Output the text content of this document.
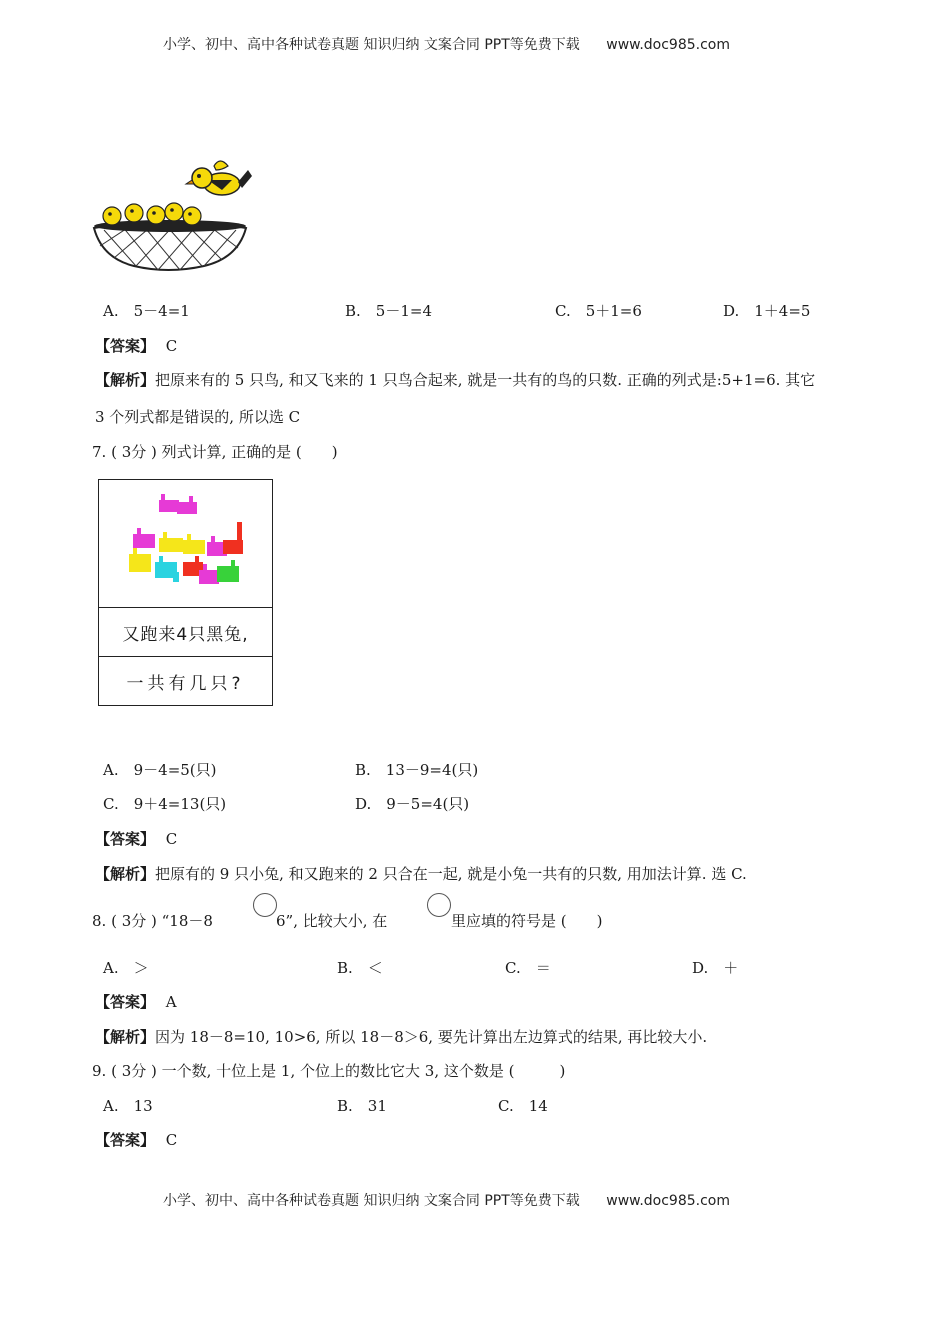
小学、初中、高中各种试卷真题 知识归纳 文案合同 PPT等免费下载 www.doc985.com
A.　5－4=1	B.　5－1=4	C.　5＋1=6	D.　1＋4=5
【答案】 C
【解析】把原来有的 5 只鸟, 和又飞来的 1 只鸟合起来, 就是一共有的鸟的只数. 正确的列式是:5+1=6. 其它
3 个列式都是错误的, 所以选 C
7. ( 3分 ) 列式计算, 正确的是 (　　)
又跑来4只黑兔,
一共有几只?
A.　9－4=5(只)	B.　13－9=4(只)
C.　9＋4=13(只)	D.　9－5=4(只)
【答案】 C
【解析】把原有的 9 只小兔, 和又跑来的 2 只合在一起, 就是小兔一共有的只数, 用加法计算. 选 C.
8. ( 3分 ) “18－8	6”, 比较大小, 在	里应填的符号是 (　　)
A.　＞	B.　＜	C.　＝	D.　＋
【答案】 A
【解析】因为 18－8=10, 10>6, 所以 18－8＞6, 要先计算出左边算式的结果, 再比较大小.
9. ( 3分 ) 一个数, 十位上是 1, 个位上的数比它大 3, 这个数是 (　　　)
A.　13	B.　31	C.　14
【答案】 C
小学、初中、高中各种试卷真题 知识归纳 文案合同 PPT等免费下载 www.doc985.com
